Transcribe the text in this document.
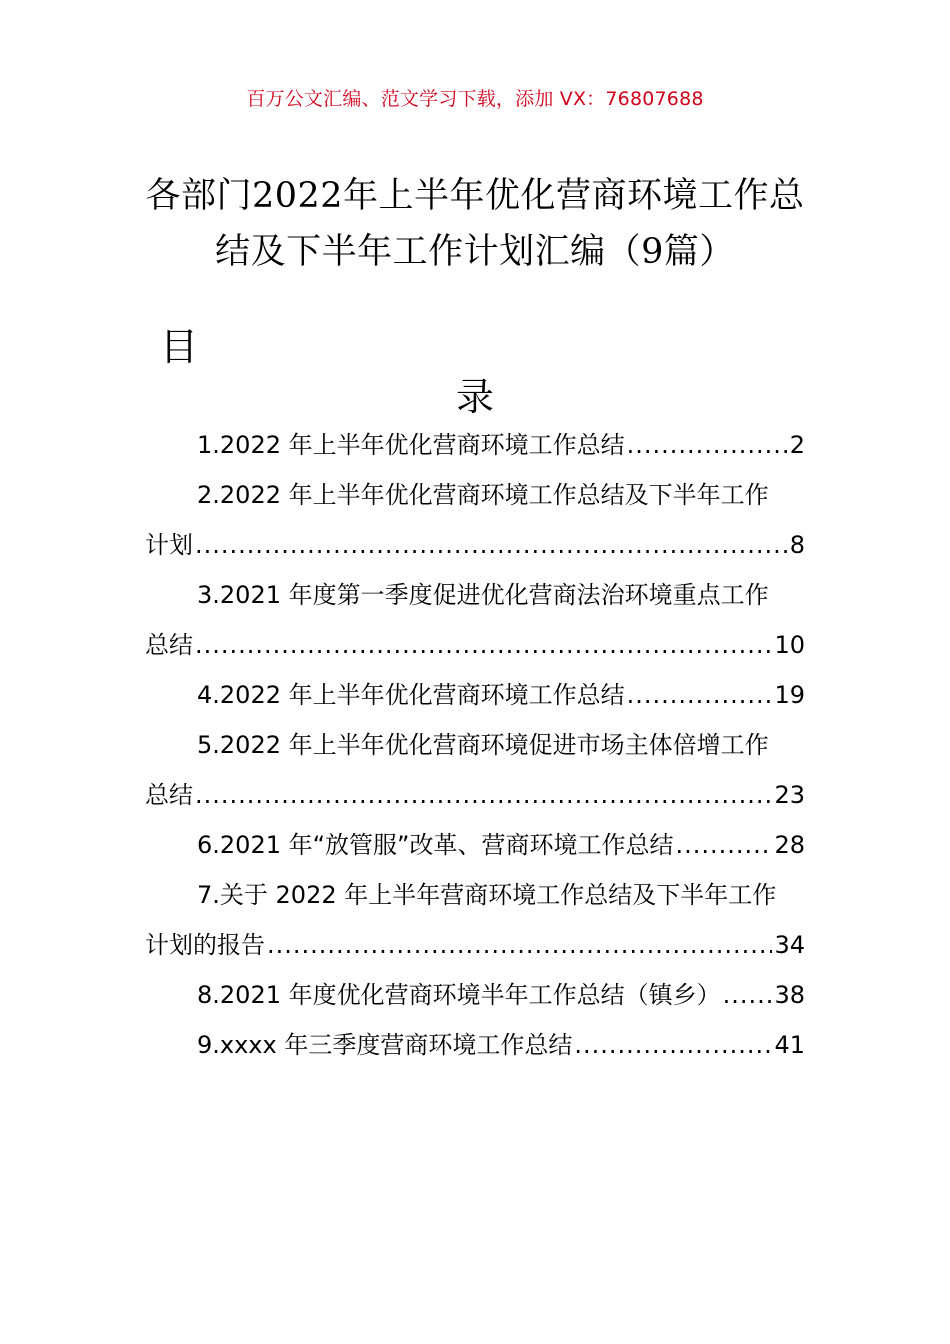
百万公文汇编、范文学习下载，添加 VX：76807688
各部门2022年上半年优化营商环境工作总
结及下半年工作计划汇编（9篇）
目
录
1.2022 年上半年优化营商环境工作总结 .....	2
2.2022 年上半年优化营商环境工作总结及下半年工作
计划 .....	8
3.2021 年度第一季度促进优化营商法治环境重点工作
总结 .....	10
4.2022 年上半年优化营商环境工作总结 .....	19
5.2022 年上半年优化营商环境促进市场主体倍增工作
总结 .....	23
6.2021 年“放管服”改革、营商环境工作总结 .....	28
7.关于 2022 年上半年营商环境工作总结及下半年工作
计划的报告 .....	34
8.2021 年度优化营商环境半年工作总结（镇乡） ..... 38
9.xxxx 年三季度营商环境工作总结 .....	41
